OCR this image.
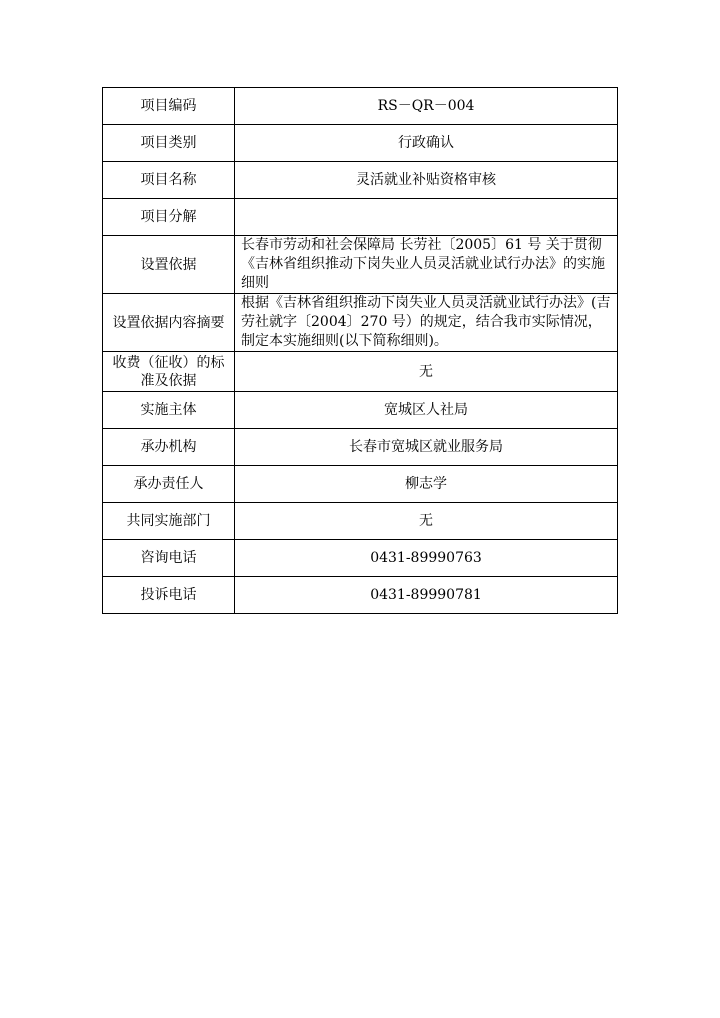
项目编码	RS－QR－004
项目类别	行政确认
项目名称	灵活就业补贴资格审核
项目分解	
设置依据	长春市劳动和社会保障局 长劳社〔2005〕61 号 关于贯彻《吉林省组织推动下岗失业人员灵活就业试行办法》的实施细则
设置依据内容摘要	根据《吉林省组织推动下岗失业人员灵活就业试行办法》(吉劳社就字〔2004〕270 号）的规定，结合我市实际情况，制定本实施细则(以下简称细则)。
收费（征收）的标准及依据	无
实施主体	宽城区人社局
承办机构	长春市宽城区就业服务局
承办责任人	柳志学
共同实施部门	无
咨询电话	0431-89990763
投诉电话	0431-89990781
